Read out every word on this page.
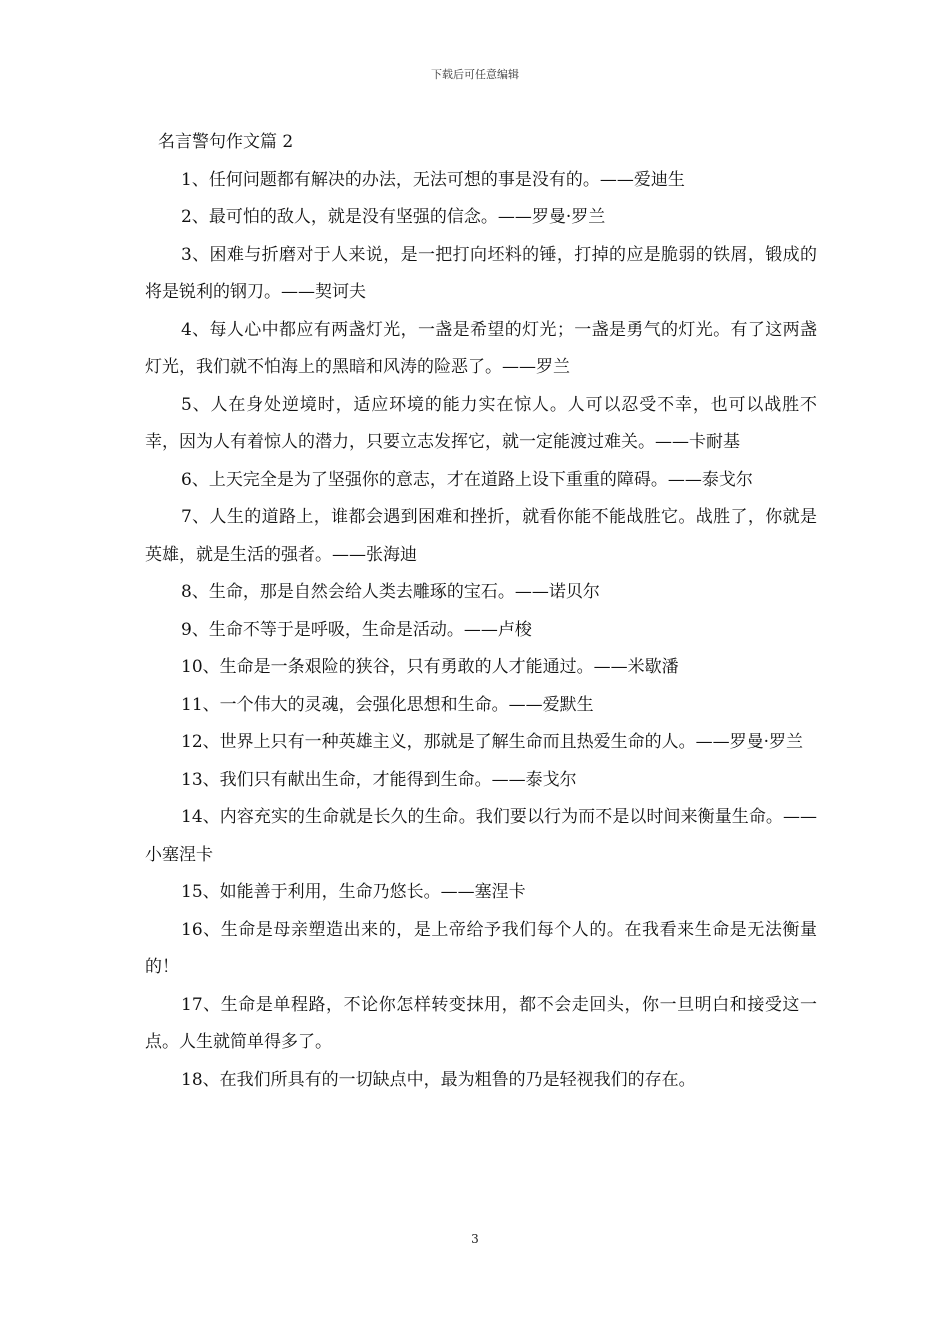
下载后可任意编辑

名言警句作文篇 2

1、任何问题都有解决的办法，无法可想的事是没有的。——爱迪生

2、最可怕的敌人，就是没有坚强的信念。——罗曼·罗兰

3、困难与折磨对于人来说，是一把打向坯料的锤，打掉的应是脆弱的铁屑，锻成的将是锐利的钢刀。——契诃夫

4、每人心中都应有两盏灯光，一盏是希望的灯光；一盏是勇气的灯光。有了这两盏灯光，我们就不怕海上的黑暗和风涛的险恶了。——罗兰

5、人在身处逆境时，适应环境的能力实在惊人。人可以忍受不幸，也可以战胜不幸，因为人有着惊人的潜力，只要立志发挥它，就一定能渡过难关。——卡耐基

6、上天完全是为了坚强你的意志，才在道路上设下重重的障碍。——泰戈尔

7、人生的道路上，谁都会遇到困难和挫折，就看你能不能战胜它。战胜了，你就是英雄，就是生活的强者。——张海迪

8、生命，那是自然会给人类去雕琢的宝石。——诺贝尔

9、生命不等于是呼吸，生命是活动。——卢梭

10、生命是一条艰险的狭谷，只有勇敢的人才能通过。——米歇潘

11、一个伟大的灵魂，会强化思想和生命。——爱默生

12、世界上只有一种英雄主义，那就是了解生命而且热爱生命的人。——罗曼·罗兰

13、我们只有献出生命，才能得到生命。——泰戈尔

14、内容充实的生命就是长久的生命。我们要以行为而不是以时间来衡量生命。——小塞涅卡

15、如能善于利用，生命乃悠长。——塞涅卡

16、生命是母亲塑造出来的，是上帝给予我们每个人的。在我看来生命是无法衡量的！

17、生命是单程路，不论你怎样转变抹用，都不会走回头，你一旦明白和接受这一点。人生就简单得多了。

18、在我们所具有的一切缺点中，最为粗鲁的乃是轻视我们的存在。

3
